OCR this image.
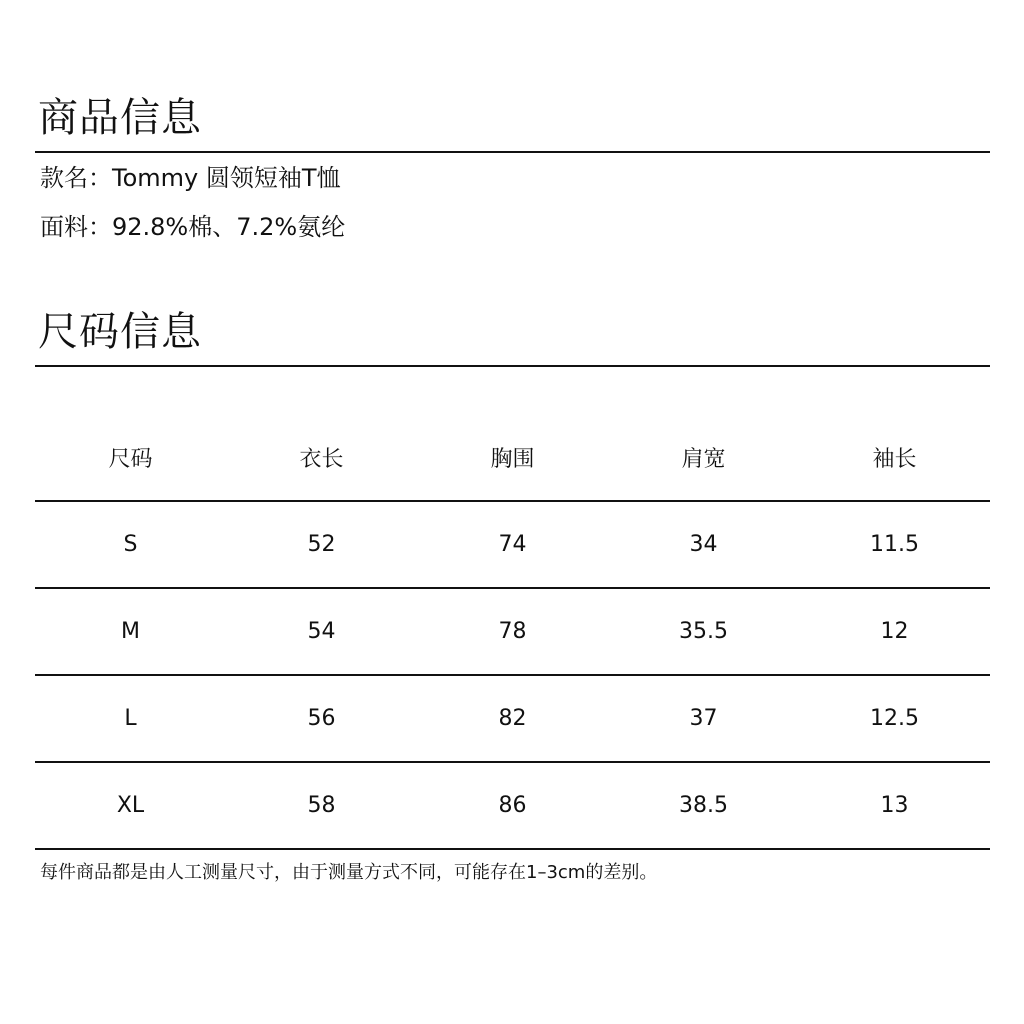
商品信息
款名：Tommy 圆领短袖T恤
面料：92.8%棉、7.2%氨纶
尺码信息
尺码	衣长	胸围	肩宽	袖长
S	52	74	34	11.5
M	54	78	35.5	12
L	56	82	37	12.5
XL	58	86	38.5	13
每件商品都是由人工测量尺寸，由于测量方式不同，可能存在1–3cm的差别。
